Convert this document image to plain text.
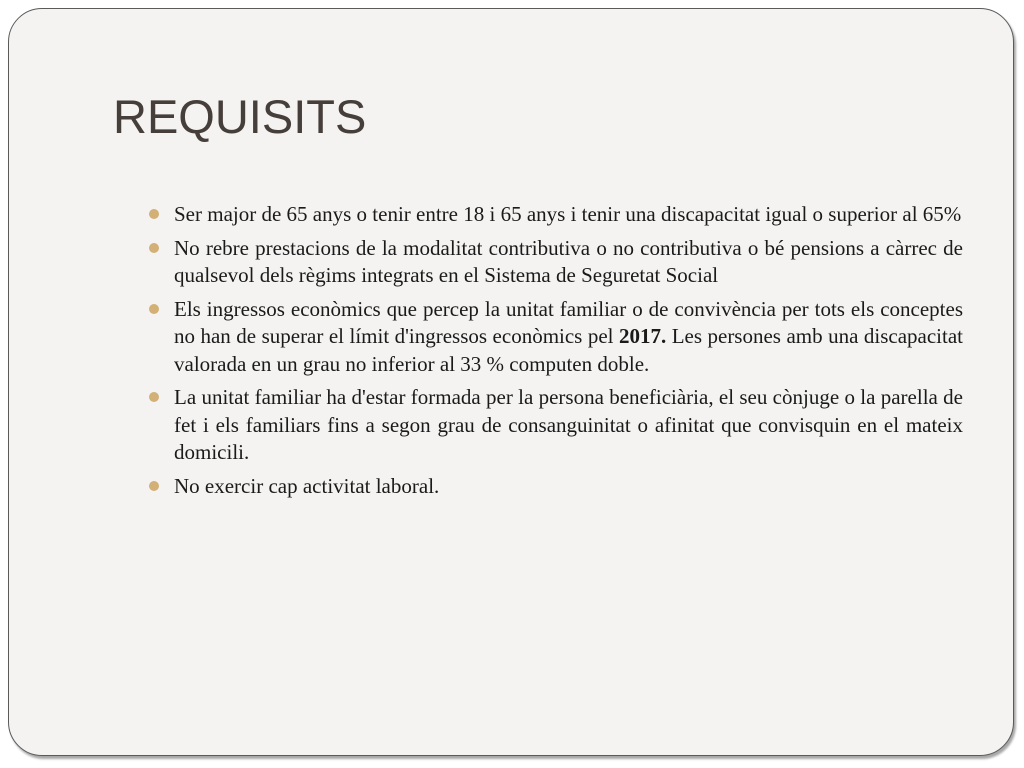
REQUISITS
Ser major de 65 anys o tenir entre 18 i 65 anys i tenir una discapacitat igual o superior al 65%
No rebre prestacions de la modalitat contributiva o no contributiva o bé pensions a càrrec de qualsevol dels règims integrats en el Sistema de Seguretat Social
Els ingressos econòmics que percep la unitat familiar o de convivència per tots els conceptes no han de superar el límit d'ingressos econòmics pel 2017. Les persones amb una discapacitat valorada en un grau no inferior al 33 % computen doble.
La unitat familiar ha d'estar formada per la persona beneficiària, el seu cònjuge o la parella de fet i els familiars fins a segon grau de consanguinitat o afinitat que convisquin en el mateix domicili.
No exercir cap activitat laboral.
